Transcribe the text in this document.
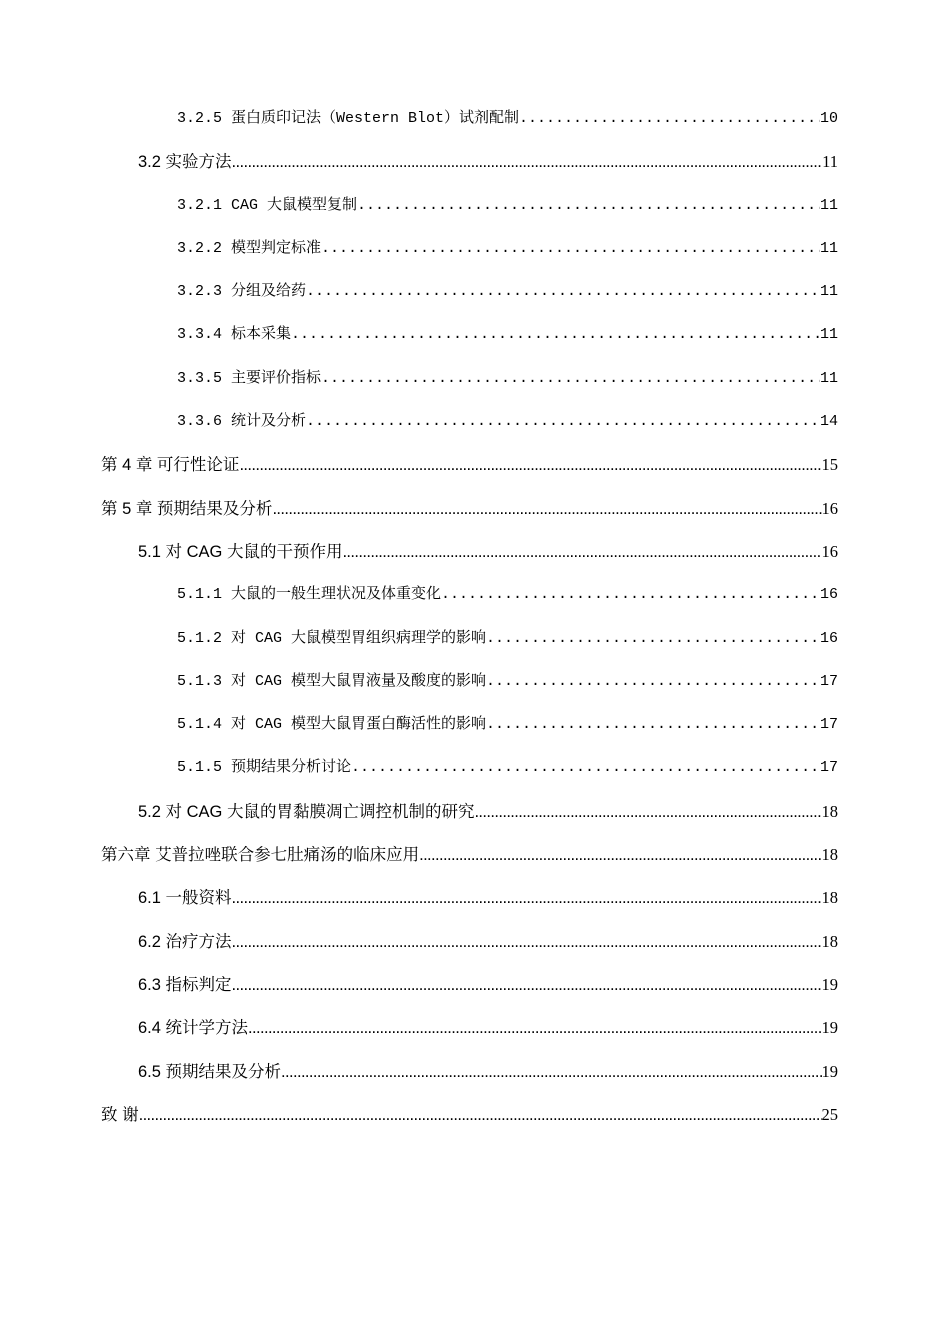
3.2.5 蛋白质印记法（Western Blot）试剂配制 .....	10
3.2 实验方法 .....	11
3.2.1 CAG 大鼠模型复制 .....	11
3.2.2 模型判定标准 .....	11
3.2.3 分组及给药 .....	11
3.3.4 标本采集 .....	11
3.3.5 主要评价指标 .....	11
3.3.6 统计及分析 .....	14
第 4 章 可行性论证 .....	15
第 5 章 预期结果及分析 .....	16
5.1 对 CAG 大鼠的干预作用 .....	16
5.1.1 大鼠的一般生理状况及体重变化 .....	16
5.1.2 对 CAG 大鼠模型胃组织病理学的影响 .....	16
5.1.3 对 CAG 模型大鼠胃液量及酸度的影响 .....	17
5.1.4 对 CAG 模型大鼠胃蛋白酶活性的影响 .....	17
5.1.5 预期结果分析讨论 .....	17
5.2 对 CAG 大鼠的胃黏膜凋亡调控机制的研究 .....	18
第六章 艾普拉唑联合参七肚痛汤的临床应用 .....	18
6.1 一般资料 .....	18
6.2 治疗方法 .....	18
6.3 指标判定 .....	19
6.4 统计学方法 .....	19
6.5 预期结果及分析 .....	19
致 谢 .....	25
